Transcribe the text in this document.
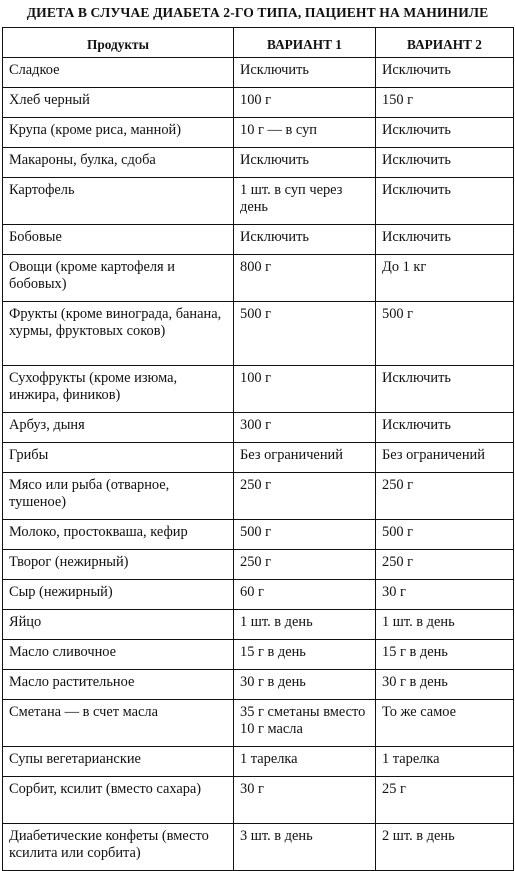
ДИЕТА В СЛУЧАЕ ДИАБЕТА 2-ГО ТИПА, ПАЦИЕНТ НА МАНИНИЛЕ
Продукты	ВАРИАНТ 1	ВАРИАНТ 2
Сладкое	Исключить	Исключить
Хлеб черный	100 г	150 г
Крупа (кроме риса, манной)	10 г — в суп	Исключить
Макароны, булка, сдоба	Исключить	Исключить
Картофель	1 шт. в суп через день	Исключить
Бобовые	Исключить	Исключить
Овощи (кроме картофеля и бобовых)	800 г	До 1 кг
Фрукты (кроме винограда, банана, хурмы, фруктовых соков)	500 г	500 г
Сухофрукты (кроме изюма, инжира, фиников)	100 г	Исключить
Арбуз, дыня	300 г	Исключить
Грибы	Без ограничений	Без ограничений
Мясо или рыба (отварное, тушеное)	250 г	250 г
Молоко, простокваша, кефир	500 г	500 г
Творог (нежирный)	250 г	250 г
Сыр (нежирный)	60 г	30 г
Яйцо	1 шт. в день	1 шт. в день
Масло сливочное	15 г в день	15 г в день
Масло растительное	30 г в день	30 г в день
Сметана — в счет масла	35 г сметаны вместо 10 г масла	То же самое
Супы вегетарианские	1 тарелка	1 тарелка
Сорбит, ксилит (вместо сахара)	30 г	25 г
Диабетические конфеты (вместо ксилита или сорбита)	3 шт. в день	2 шт. в день
